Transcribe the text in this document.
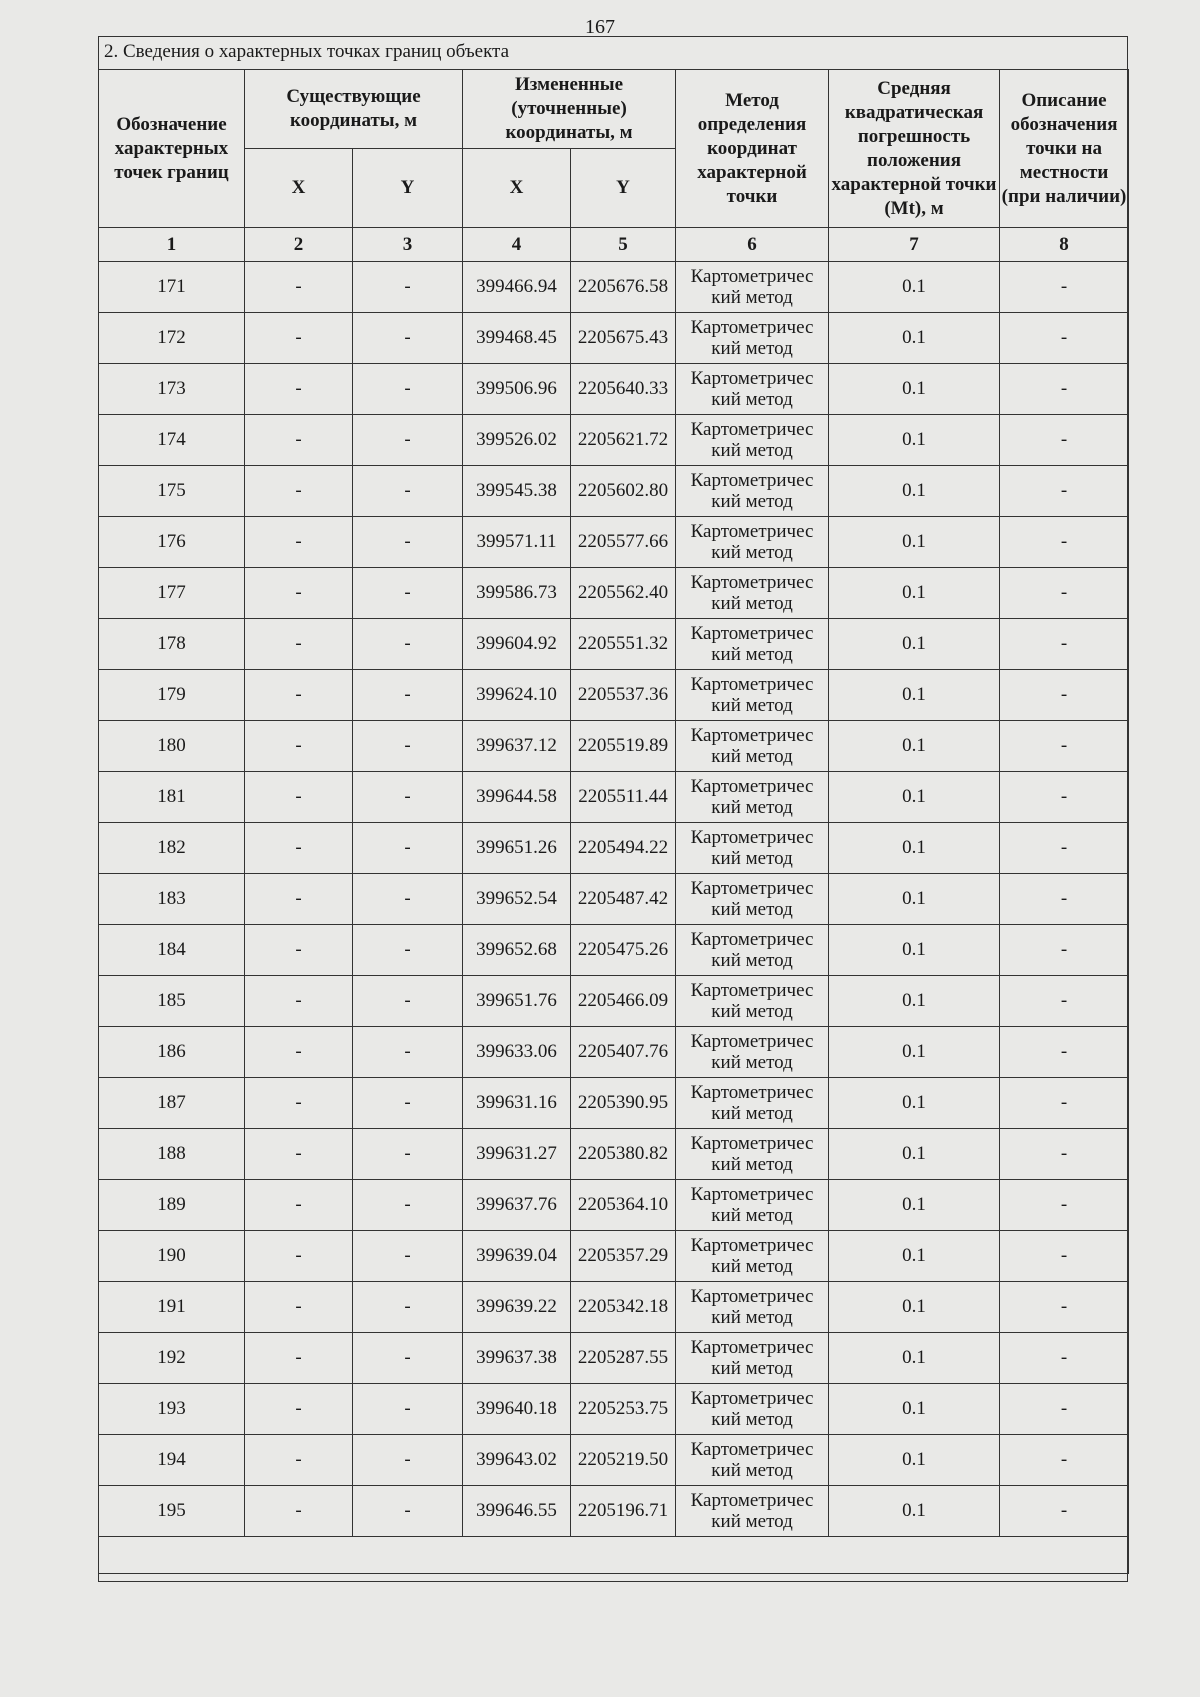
167
2. Сведения о характерных точках границ объекта
Обозначение характерных точек границ	Существующие координаты, м		Измененные (уточненные) координаты, м		Метод определения координат характерной точки	Средняя квадратическая погрешность положения характерной точки (Mt), м	Описание обозначения точки на местности (при наличии)
	X	Y	X	Y			
1	2	3	4	5	6	7	8
171	-	-	399466.94	2205676.58	Картометричес кий метод	0.1	-
172	-	-	399468.45	2205675.43	Картометричес кий метод	0.1	-
173	-	-	399506.96	2205640.33	Картометричес кий метод	0.1	-
174	-	-	399526.02	2205621.72	Картометричес кий метод	0.1	-
175	-	-	399545.38	2205602.80	Картометричес кий метод	0.1	-
176	-	-	399571.11	2205577.66	Картометричес кий метод	0.1	-
177	-	-	399586.73	2205562.40	Картометричес кий метод	0.1	-
178	-	-	399604.92	2205551.32	Картометричес кий метод	0.1	-
179	-	-	399624.10	2205537.36	Картометричес кий метод	0.1	-
180	-	-	399637.12	2205519.89	Картометричес кий метод	0.1	-
181	-	-	399644.58	2205511.44	Картометричес кий метод	0.1	-
182	-	-	399651.26	2205494.22	Картометричес кий метод	0.1	-
183	-	-	399652.54	2205487.42	Картометричес кий метод	0.1	-
184	-	-	399652.68	2205475.26	Картометричес кий метод	0.1	-
185	-	-	399651.76	2205466.09	Картометричес кий метод	0.1	-
186	-	-	399633.06	2205407.76	Картометричес кий метод	0.1	-
187	-	-	399631.16	2205390.95	Картометричес кий метод	0.1	-
188	-	-	399631.27	2205380.82	Картометричес кий метод	0.1	-
189	-	-	399637.76	2205364.10	Картометричес кий метод	0.1	-
190	-	-	399639.04	2205357.29	Картометричес кий метод	0.1	-
191	-	-	399639.22	2205342.18	Картометричес кий метод	0.1	-
192	-	-	399637.38	2205287.55	Картометричес кий метод	0.1	-
193	-	-	399640.18	2205253.75	Картометричес кий метод	0.1	-
194	-	-	399643.02	2205219.50	Картометричес кий метод	0.1	-
195	-	-	399646.55	2205196.71	Картометричес кий метод	0.1	-
